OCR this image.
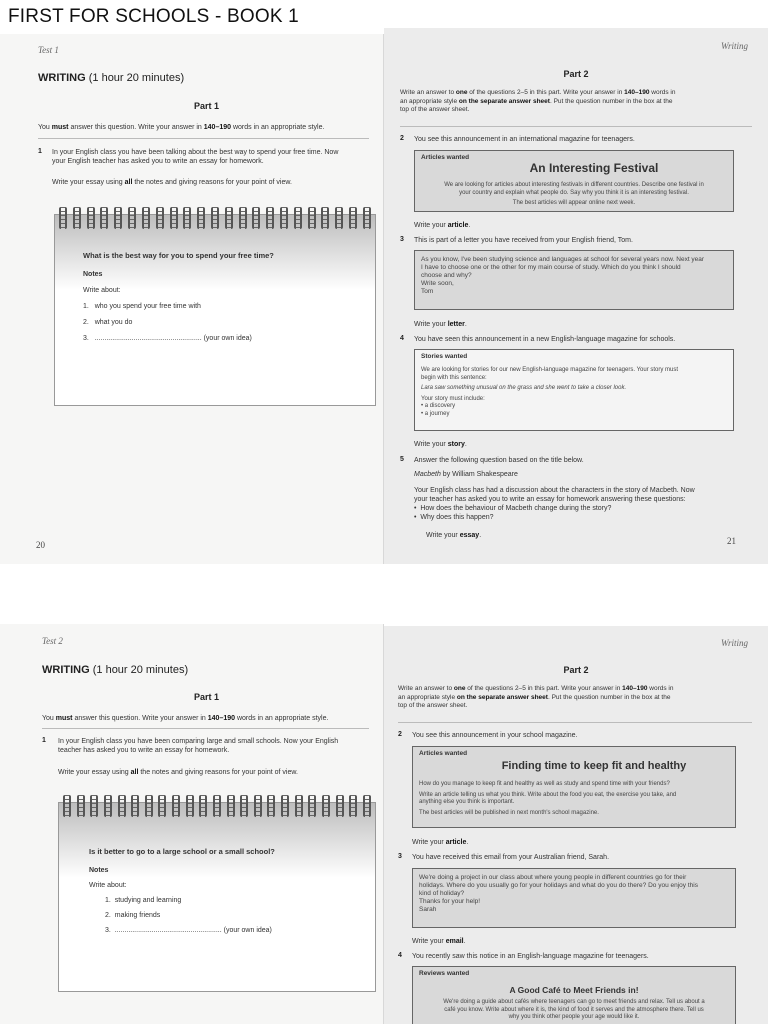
FIRST FOR SCHOOLS - BOOK 1
Test 1
WRITING (1 hour 20 minutes)
Part 1
You must answer this question. Write your answer in 140–190 words in an appropriate style.
1 In your English class you have been talking about the best way to spend your free time. Now
your English teacher has asked you to write an essay for homework.
Write your essay using all the notes and giving reasons for your point of view.
What is the best way for you to spend your free time?
Notes
Write about:
1. who you spend your free time with
2. what you do
3. ....................................................... (your own idea)
20
Writing
Part 2
Write an answer to one of the questions 2–5 in this part. Write your answer in 140–190 words in
an appropriate style on the separate answer sheet. Put the question number in the box at the
top of the answer sheet.
2 You see this announcement in an international magazine for teenagers.
Articles wanted
An Interesting Festival
We are looking for articles about interesting festivals in different countries. Describe one festival in
your country and explain what people do. Say why you think it is an interesting festival.
The best articles will appear online next week.
Write your article.
3 This is part of a letter you have received from your English friend, Tom.
As you know, I've been studying science and languages at school for several years now. Next year
I have to choose one or the other for my main course of study. Which do you think I should
choose and why?
Write soon,
Tom
Write your letter.
4 You have seen this announcement in a new English-language magazine for schools.
Stories wanted
We are looking for stories for our new English-language magazine for teenagers. Your story must
begin with this sentence:
Lara saw something unusual on the grass and she went to take a closer look.
Your story must include:
• a discovery
• a journey
Write your story.
5 Answer the following question based on the title below.
Macbeth by William Shakespeare
Your English class has had a discussion about the characters in the story of Macbeth. Now
your teacher has asked you to write an essay for homework answering these questions:
•  How does the behaviour of Macbeth change during the story?
•  Why does this happen?
Write your essay.
21
Test 2
WRITING (1 hour 20 minutes)
Part 1
You must answer this question. Write your answer in 140–190 words in an appropriate style.
1 In your English class you have been comparing large and small schools. Now your English
teacher has asked you to write an essay for homework.
Write your essay using all the notes and giving reasons for your point of view.
Is it better to go to a large school or a small school?
Notes
Write about:
1. studying and learning
2. making friends
3. ....................................................... (your own idea)
Writing
Part 2
Write an answer to one of the questions 2–5 in this part. Write your answer in 140–190 words in
an appropriate style on the separate answer sheet. Put the question number in the box at the
top of the answer sheet.
2 You see this announcement in your school magazine.
Articles wanted
Finding time to keep fit and healthy
How do you manage to keep fit and healthy as well as study and spend time with your friends?
Write an article telling us what you think. Write about the food you eat, the exercise you take, and
anything else you think is important.
The best articles will be published in next month's school magazine.
Write your article.
3 You have received this email from your Australian friend, Sarah.
We're doing a project in our class about where young people in different countries go for their
holidays. Where do you usually go for your holidays and what do you do there? Do you enjoy this
kind of holiday?
Thanks for your help!
Sarah
Write your email.
4 You recently saw this notice in an English-language magazine for teenagers.
Reviews wanted
A Good Café to Meet Friends in!
We're doing a guide about cafés where teenagers can go to meet friends and relax. Tell us about a
café you know. Write about where it is, the kind of food it serves and the atmosphere there. Tell us
why you think other people your age would like it.
